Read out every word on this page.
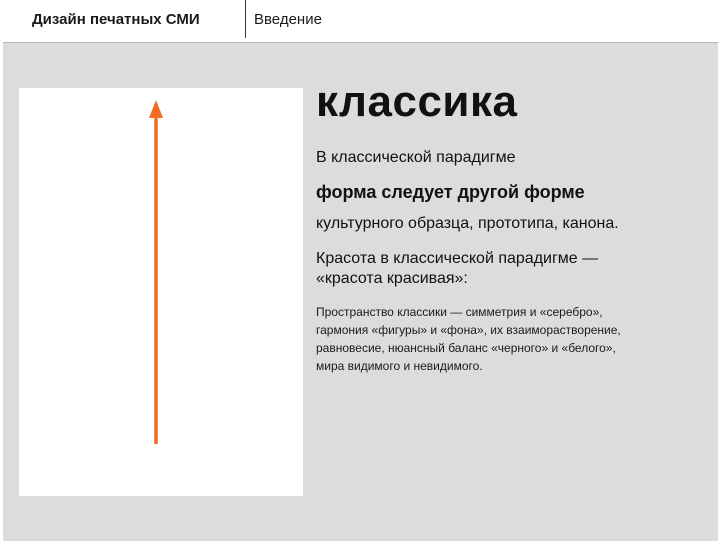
Дизайн печатных СМИ	Введение
классика
В классической парадигме
форма следует другой форме
культурного образца, прототипа, канона.
Красота в классической парадигме —
«красота красивая»:
Пространство классики — симметрия и «серебро»,
гармония «фигуры» и «фона», их взаиморастворение,
равновесие, нюансный баланс «черного» и «белого»,
мира видимого и невидимого.
